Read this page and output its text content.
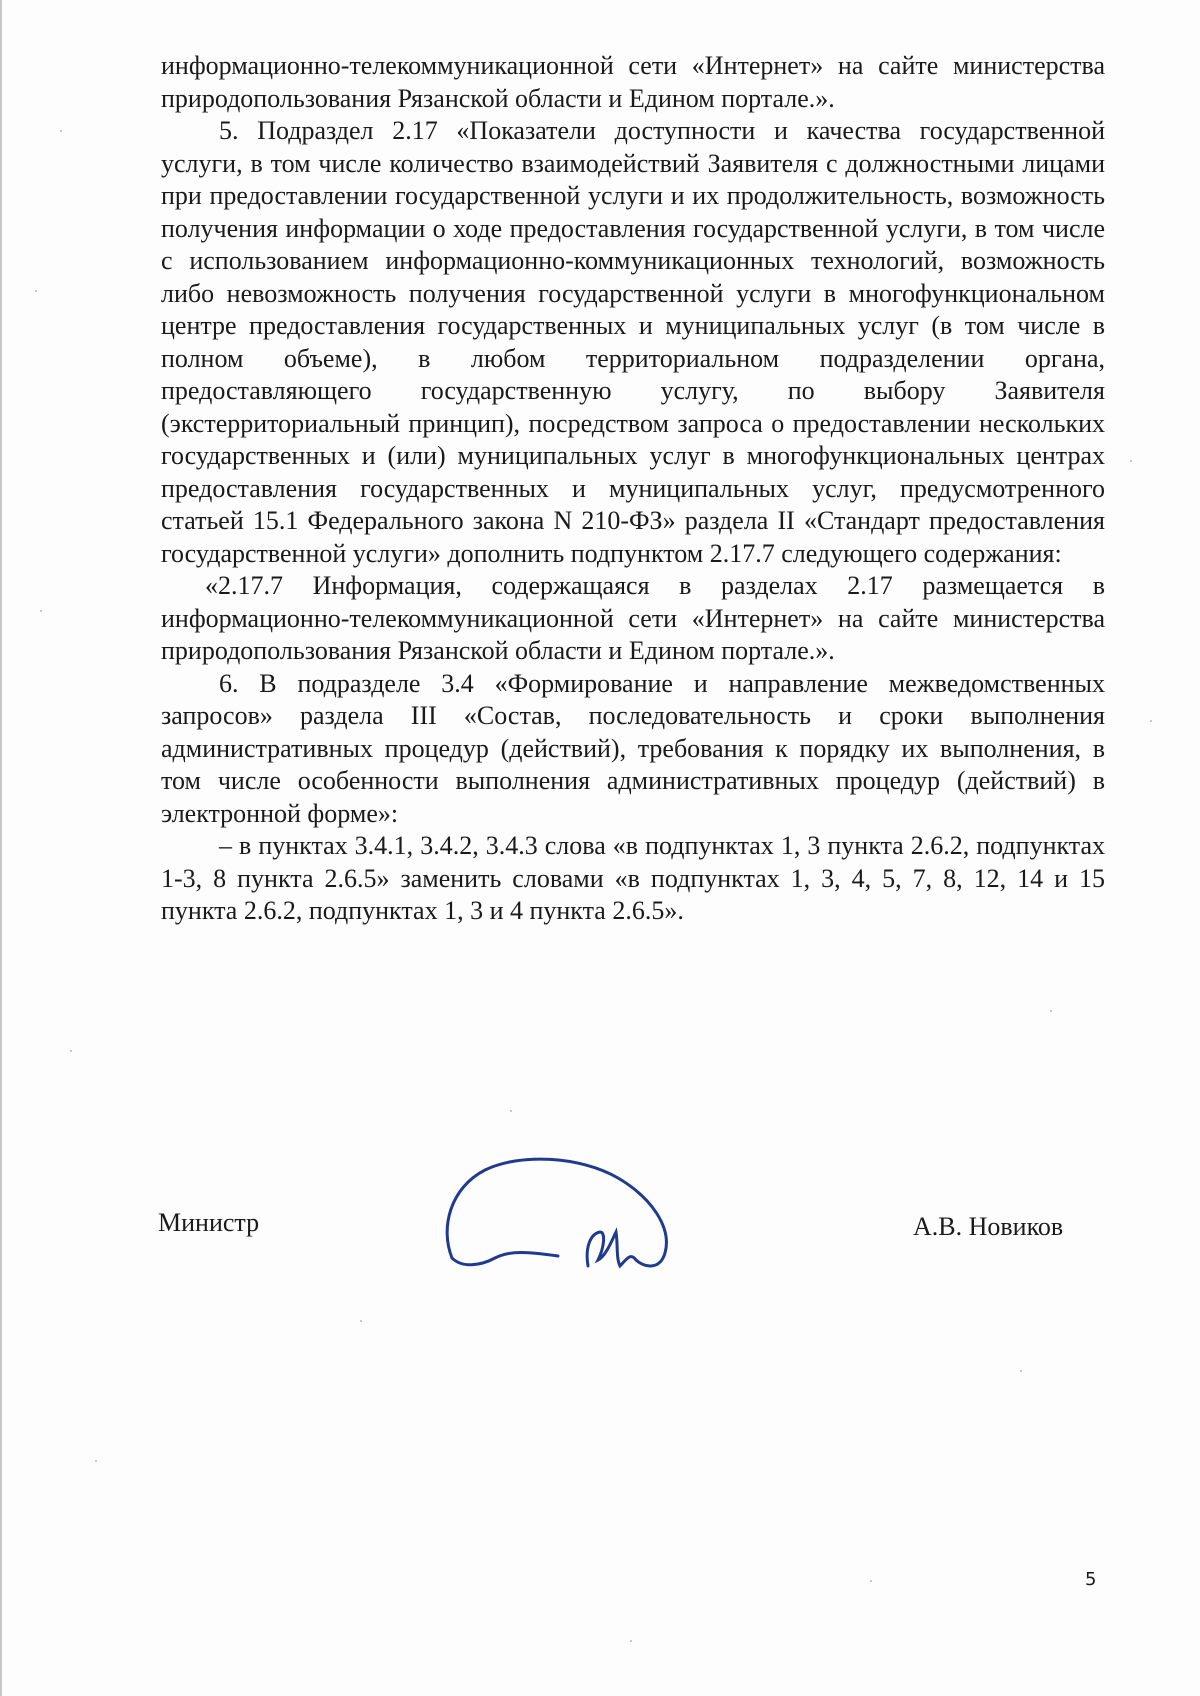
информационно-телекоммуникационной сети «Интернет» на сайте министерства природопользования Рязанской области и Едином портале.».

5. Подраздел 2.17 «Показатели доступности и качества государственной услуги, в том числе количество взаимодействий Заявителя с должностными лицами при предоставлении государственной услуги и их продолжительность, возможность получения информации о ходе предоставления государственной услуги, в том числе с использованием информационно-коммуникационных технологий, возможность либо невозможность получения государственной услуги в многофункциональном центре предоставления государственных и муниципальных услуг (в том числе в полном объеме), в любом территориальном подразделении органа, предоставляющего государственную услугу, по выбору Заявителя (экстерриториальный принцип), посредством запроса о предоставлении нескольких государственных и (или) муниципальных услуг в многофункциональных центрах предоставления государственных и муниципальных услуг, предусмотренного статьей 15.1 Федерального закона N 210-ФЗ» раздела II «Стандарт предоставления государственной услуги» дополнить подпунктом 2.17.7 следующего содержания:

«2.17.7 Информация, содержащаяся в разделах 2.17 размещается в информационно-телекоммуникационной сети «Интернет» на сайте министерства природопользования Рязанской области и Едином портале.».

6. В подразделе 3.4 «Формирование и направление межведомственных запросов» раздела III «Состав, последовательность и сроки выполнения административных процедур (действий), требования к порядку их выполнения, в том числе особенности выполнения административных процедур (действий) в электронной форме»:

– в пунктах 3.4.1, 3.4.2, 3.4.3 слова «в подпунктах 1, 3 пункта 2.6.2, подпунктах 1-3, 8 пункта 2.6.5» заменить словами «в подпунктах 1, 3, 4, 5, 7, 8, 12, 14 и 15 пункта 2.6.2, подпунктах 1, 3 и 4 пункта 2.6.5».

Министр	А.В. Новиков
5
